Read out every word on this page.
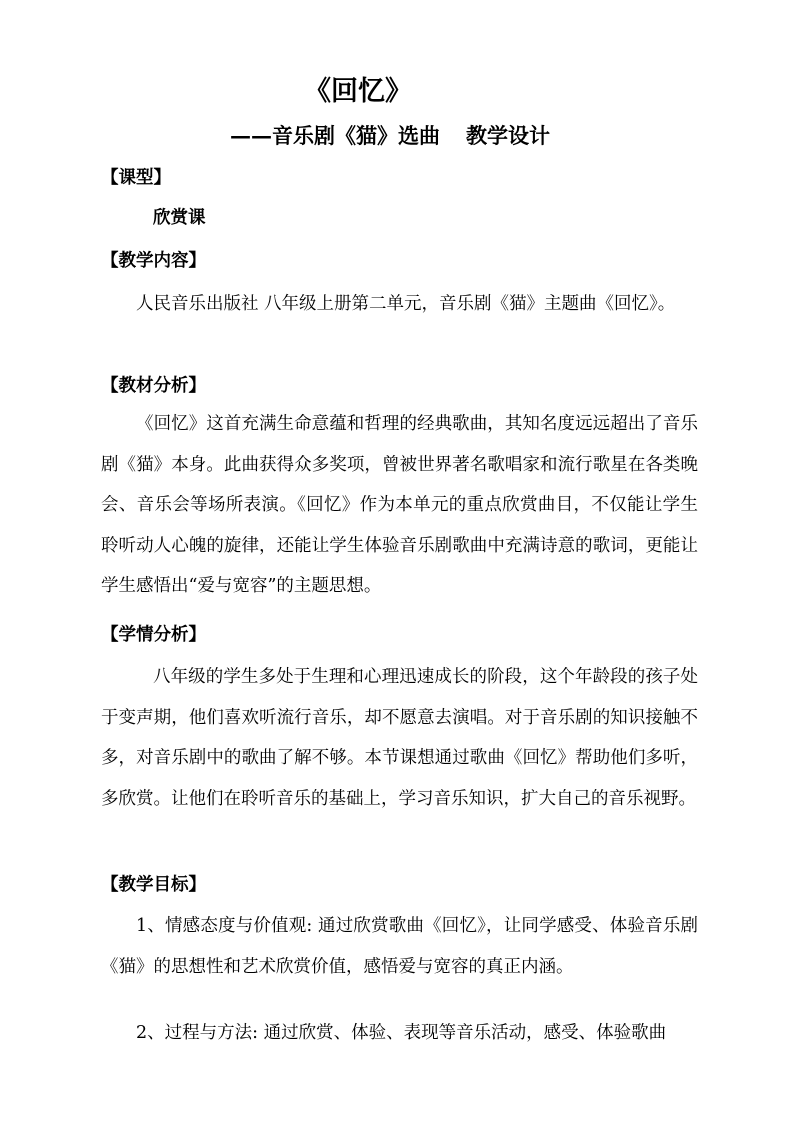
《回忆》
——音乐剧《猫》选曲 教学设计
【课型】
欣赏课
【教学内容】

人民音乐出版社 八年级上册第二单元，音乐剧《猫》主题曲《回忆》。

【教材分析】

《回忆》这首充满生命意蕴和哲理的经典歌曲，其知名度远远超出了音乐剧《猫》本身。此曲获得众多奖项，曾被世界著名歌唱家和流行歌星在各类晚会、音乐会等场所表演。《回忆》作为本单元的重点欣赏曲目，不仅能让学生聆听动人心魄的旋律，还能让学生体验音乐剧歌曲中充满诗意的歌词，更能让学生感悟出“爱与宽容”的主题思想。

【学情分析】

八年级的学生多处于生理和心理迅速成长的阶段，这个年龄段的孩子处于变声期，他们喜欢听流行音乐，却不愿意去演唱。对于音乐剧的知识接触不多，对音乐剧中的歌曲了解不够。本节课想通过歌曲《回忆》帮助他们多听，多欣赏。让他们在聆听音乐的基础上，学习音乐知识，扩大自己的音乐视野。

【教学目标】

1、情感态度与价值观: 通过欣赏歌曲《回忆》，让同学感受、体验音乐剧《猫》的思想性和艺术欣赏价值，感悟爱与宽容的真正内涵。

2、过程与方法: 通过欣赏、体验、表现等音乐活动，感受、体验歌曲
